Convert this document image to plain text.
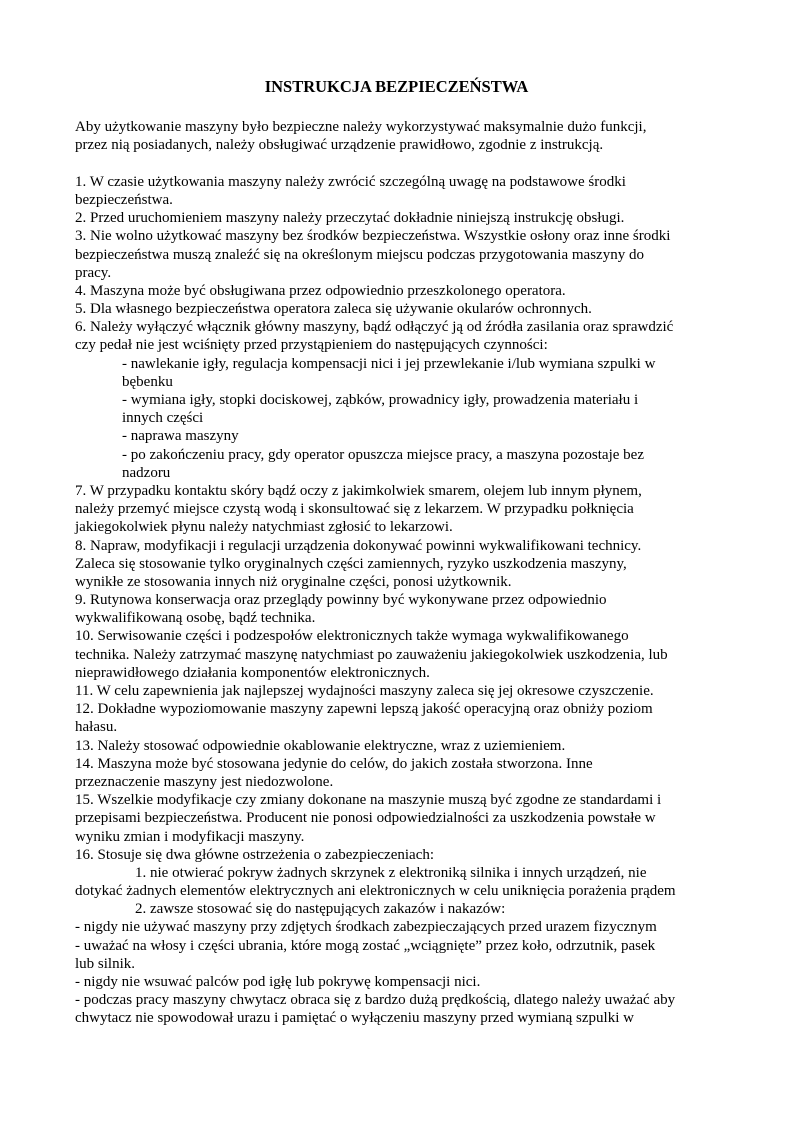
INSTRUKCJA BEZPIECZEŃSTWA
Aby użytkowanie maszyny było bezpieczne należy wykorzystywać maksymalnie dużo funkcji,
przez nią posiadanych, należy obsługiwać urządzenie prawidłowo, zgodnie z instrukcją.
1. W czasie użytkowania maszyny należy zwrócić szczególną uwagę na podstawowe środki
bezpieczeństwa.
2. Przed uruchomieniem maszyny należy przeczytać dokładnie niniejszą instrukcję obsługi.
3. Nie wolno użytkować maszyny bez środków bezpieczeństwa. Wszystkie osłony oraz inne środki
bezpieczeństwa muszą znaleźć się na określonym miejscu podczas przygotowania maszyny do
pracy.
4. Maszyna może być obsługiwana przez odpowiednio przeszkolonego operatora.
5. Dla własnego bezpieczeństwa operatora zaleca się używanie okularów ochronnych.
6. Należy wyłączyć włącznik główny maszyny, bądź odłączyć ją od źródła zasilania oraz sprawdzić
czy pedał nie jest wciśnięty przed przystąpieniem do następujących czynności:
- nawlekanie igły, regulacja kompensacji nici i jej przewlekanie i/lub wymiana szpulki w
bębenku
- wymiana igły, stopki dociskowej, ząbków, prowadnicy igły, prowadzenia materiału i
innych części
- naprawa maszyny
- po zakończeniu pracy, gdy operator opuszcza miejsce pracy, a maszyna pozostaje bez
nadzoru
7. W przypadku kontaktu skóry bądź oczy z jakimkolwiek smarem, olejem lub innym płynem,
należy przemyć miejsce czystą wodą i skonsultować się z lekarzem. W przypadku połknięcia
jakiegokolwiek płynu należy natychmiast zgłosić to lekarzowi.
8. Napraw, modyfikacji i regulacji urządzenia dokonywać powinni wykwalifikowani technicy.
Zaleca się stosowanie tylko oryginalnych części zamiennych, ryzyko uszkodzenia maszyny,
wynikłe ze stosowania innych niż oryginalne części, ponosi użytkownik.
9. Rutynowa konserwacja oraz przeglądy powinny być wykonywane przez odpowiednio
wykwalifikowaną osobę, bądź technika.
10. Serwisowanie części i podzespołów elektronicznych także wymaga wykwalifikowanego
technika. Należy zatrzymać maszynę natychmiast po zauważeniu jakiegokolwiek uszkodzenia, lub
nieprawidłowego działania komponentów elektronicznych.
11. W celu zapewnienia jak najlepszej wydajności maszyny zaleca się jej okresowe czyszczenie.
12. Dokładne wypoziomowanie maszyny zapewni lepszą jakość operacyjną oraz obniży poziom
hałasu.
13. Należy stosować odpowiednie okablowanie elektryczne, wraz z uziemieniem.
14. Maszyna może być stosowana jedynie do celów, do jakich została stworzona. Inne
przeznaczenie maszyny jest niedozwolone.
15. Wszelkie modyfikacje czy zmiany dokonane na maszynie muszą być zgodne ze standardami i
przepisami bezpieczeństwa. Producent nie ponosi odpowiedzialności za uszkodzenia powstałe w
wyniku zmian i modyfikacji maszyny.
16. Stosuje się dwa główne ostrzeżenia o zabezpieczeniach:
1. nie otwierać pokryw żadnych skrzynek z elektroniką silnika i innych urządzeń, nie
dotykać żadnych elementów elektrycznych ani elektronicznych w celu uniknięcia porażenia prądem
2. zawsze stosować się do następujących zakazów i nakazów:
- nigdy nie używać maszyny przy zdjętych środkach zabezpieczających przed urazem fizycznym
- uważać na włosy i części ubrania, które mogą zostać „wciągnięte” przez koło, odrzutnik, pasek
lub silnik.
- nigdy nie wsuwać palców pod igłę lub pokrywę kompensacji nici.
- podczas pracy maszyny chwytacz obraca się z bardzo dużą prędkością, dlatego należy uważać aby
chwytacz nie spowodował urazu i pamiętać o wyłączeniu maszyny przed wymianą szpulki w
